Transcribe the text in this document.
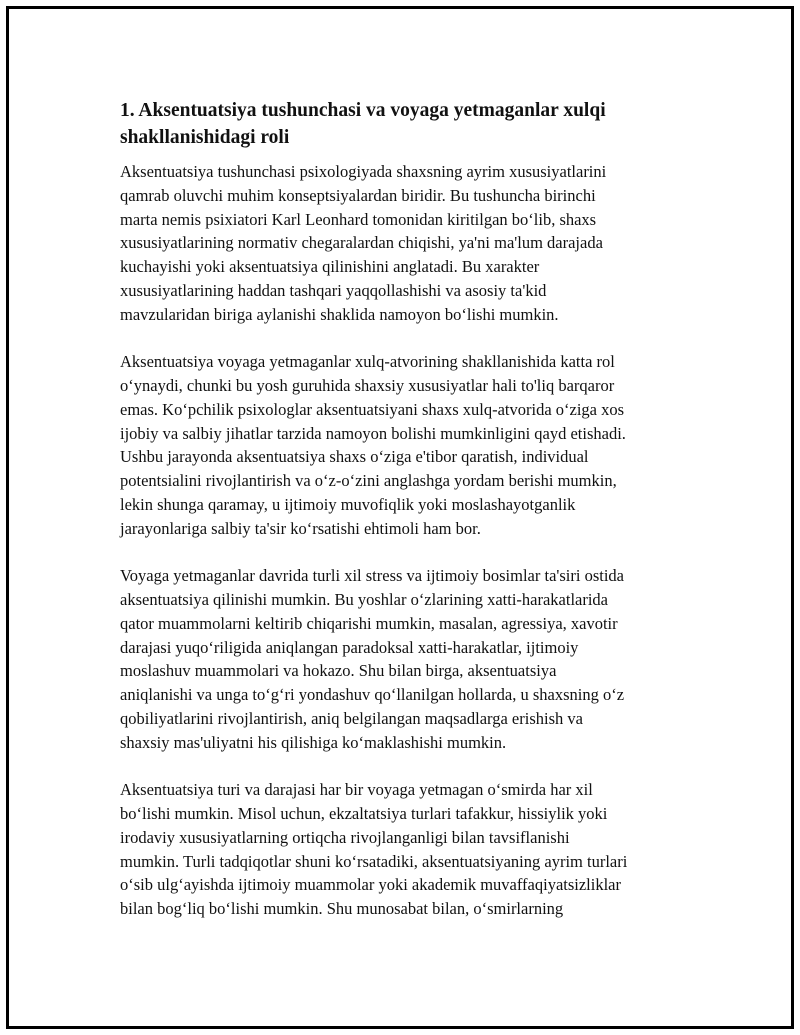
1. Aksentuatsiya tushunchasi va voyaga yetmaganlar xulqi
shakllanishidagi roli
Aksentuatsiya tushunchasi psixologiyada shaxsning ayrim xususiyatlarini
qamrab oluvchi muhim konseptsiyalardan biridir. Bu tushuncha birinchi
marta nemis psixiatori Karl Leonhard tomonidan kiritilgan bo‘lib, shaxs
xususiyatlarining normativ chegaralardan chiqishi, ya'ni ma'lum darajada
kuchayishi yoki aksentuatsiya qilinishini anglatadi. Bu xarakter
xususiyatlarining haddan tashqari yaqqollashishi va asosiy ta'kid
mavzularidan biriga aylanishi shaklida namoyon bo‘lishi mumkin.
Aksentuatsiya voyaga yetmaganlar xulq-atvorining shakllanishida katta rol
o‘ynaydi, chunki bu yosh guruhida shaxsiy xususiyatlar hali to'liq barqaror
emas. Ko‘pchilik psixologlar aksentuatsiyani shaxs xulq-atvorida o‘ziga xos
ijobiy va salbiy jihatlar tarzida namoyon bolishi mumkinligini qayd etishadi.
Ushbu jarayonda aksentuatsiya shaxs o‘ziga e'tibor qaratish, individual
potentsialini rivojlantirish va o‘z-o‘zini anglashga yordam berishi mumkin,
lekin shunga qaramay, u ijtimoiy muvofiqlik yoki moslashayotganlik
jarayonlariga salbiy ta'sir ko‘rsatishi ehtimoli ham bor.
Voyaga yetmaganlar davrida turli xil stress va ijtimoiy bosimlar ta'siri ostida
aksentuatsiya qilinishi mumkin. Bu yoshlar o‘zlarining xatti-harakatlarida
qator muammolarni keltirib chiqarishi mumkin, masalan, agressiya, xavotir
darajasi yuqo‘riligida aniqlangan paradoksal xatti-harakatlar, ijtimoiy
moslashuv muammolari va hokazo. Shu bilan birga, aksentuatsiya
aniqlanishi va unga to‘g‘ri yondashuv qo‘llanilgan hollarda, u shaxsning o‘z
qobiliyatlarini rivojlantirish, aniq belgilangan maqsadlarga erishish va
shaxsiy mas'uliyatni his qilishiga ko‘maklashishi mumkin.
Aksentuatsiya turi va darajasi har bir voyaga yetmagan o‘smirda har xil
bo‘lishi mumkin. Misol uchun, ekzaltatsiya turlari tafakkur, hissiylik yoki
irodaviy xususiyatlarning ortiqcha rivojlanganligi bilan tavsiflanishi
mumkin. Turli tadqiqotlar shuni ko‘rsatadiki, aksentuatsiyaning ayrim turlari
o‘sib ulg‘ayishda ijtimoiy muammolar yoki akademik muvaffaqiyatsizliklar
bilan bog‘liq bo‘lishi mumkin. Shu munosabat bilan, o‘smirlarning
